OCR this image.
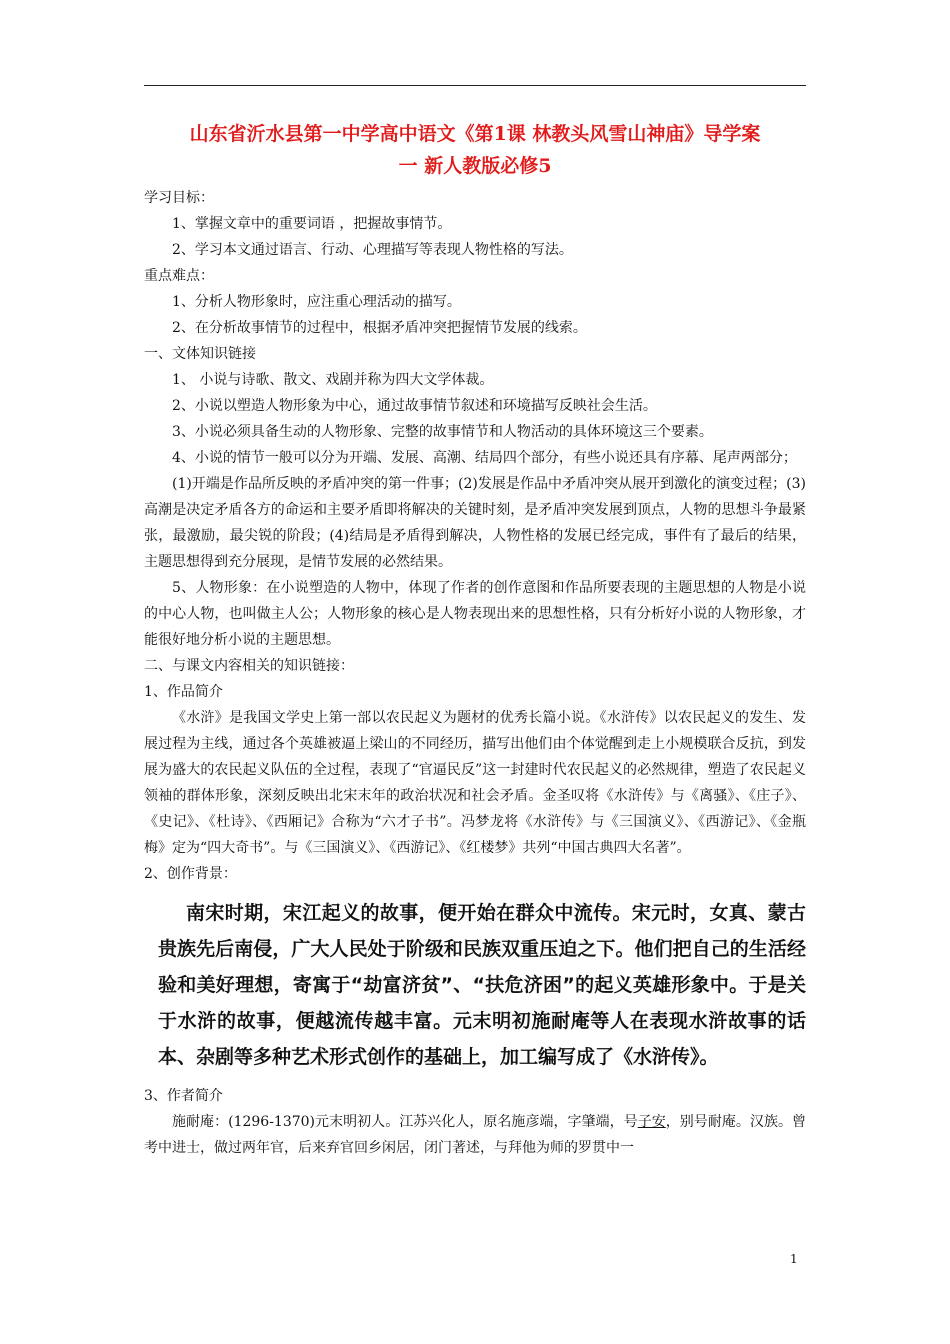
山东省沂水县第一中学高中语文《第1课 林教头风雪山神庙》导学案
一 新人教版必修5
学习目标：
1、掌握文章中的重要词语 ，把握故事情节。
2、学习本文通过语言、行动、心理描写等表现人物性格的写法。
重点难点：
1、分析人物形象时，应注重心理活动的描写。
2、在分析故事情节的过程中，根据矛盾冲突把握情节发展的线索。
一、文体知识链接
1、 小说与诗歌、散文、戏剧并称为四大文学体裁。
2、小说以塑造人物形象为中心，通过故事情节叙述和环境描写反映社会生活。
3、小说必须具备生动的人物形象、完整的故事情节和人物活动的具体环境这三个要素。
4、小说的情节一般可以分为开端、发展、高潮、结局四个部分，有些小说还具有序幕、尾声两部分；
(1)开端是作品所反映的矛盾冲突的第一件事；(2)发展是作品中矛盾冲突从展开到激化的演变过程；(3)高潮是决定矛盾各方的命运和主要矛盾即将解决的关键时刻，是矛盾冲突发展到顶点，人物的思想斗争最紧张，最激励，最尖锐的阶段；(4)结局是矛盾得到解决，人物性格的发展已经完成，事件有了最后的结果，主题思想得到充分展现，是情节发展的必然结果。
5、人物形象：在小说塑造的人物中，体现了作者的创作意图和作品所要表现的主题思想的人物是小说的中心人物，也叫做主人公；人物形象的核心是人物表现出来的思想性格，只有分析好小说的人物形象，才能很好地分析小说的主题思想。
二、与课文内容相关的知识链接：
1、作品简介
《水浒》是我国文学史上第一部以农民起义为题材的优秀长篇小说。《水浒传》以农民起义的发生、发展过程为主线，通过各个英雄被逼上梁山的不同经历，描写出他们由个体觉醒到走上小规模联合反抗，到发展为盛大的农民起义队伍的全过程，表现了“官逼民反”这一封建时代农民起义的必然规律，塑造了农民起义领袖的群体形象，深刻反映出北宋末年的政治状况和社会矛盾。金圣叹将《水浒传》与《离骚》、《庄子》、《史记》、《杜诗》、《西厢记》合称为“六才子书”。冯梦龙将《水浒传》与《三国演义》、《西游记》、《金瓶梅》定为“四大奇书”。与《三国演义》、《西游记》、《红楼梦》共列“中国古典四大名著”。
2、创作背景：
南宋时期，宋江起义的故事，便开始在群众中流传。宋元时，女真、蒙古贵族先后南侵，广大人民处于阶级和民族双重压迫之下。他们把自己的生活经验和美好理想，寄寓于“劫富济贫”、“扶危济困”的起义英雄形象中。于是关于水浒的故事，便越流传越丰富。元末明初施耐庵等人在表现水浒故事的话本、杂剧等多种艺术形式创作的基础上，加工编写成了《水浒传》。
3、作者简介
施耐庵：(1296-1370)元末明初人。江苏兴化人，原名施彦端，字肇端，号子安，别号耐庵。汉族。曾考中进士，做过两年官，后来弃官回乡闲居，闭门著述，与拜他为师的罗贯中一
1
